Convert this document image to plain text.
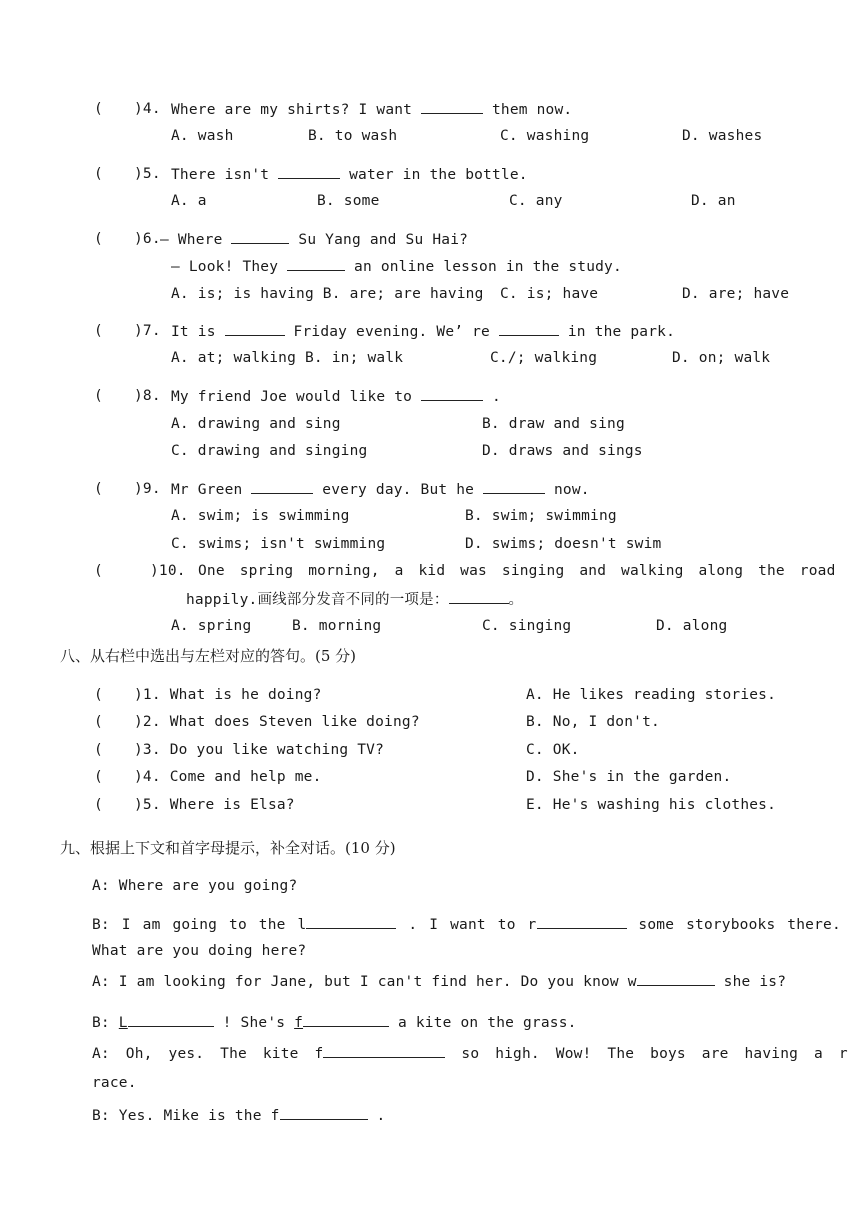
( )4. Where are my shirts? I want	them now.
A. wash	B. to wash	C. washing	D. washes
( )5. There isn't	water in the bottle.
A. a	B. some	C. any	D. an
( )6. — Where	Su Yang and Su Hai?
— Look! They	an online lesson in the study.
A. is; is having B. are; are having C. is; have	D. are; have
( )7. It is	Friday evening. We’ re	in the park.
A. at; walking B. in; walk	C./; walking	D. on; walk
( )8. My friend Joe would like to	.
A. drawing and sing	B. draw and sing
C. drawing and singing	D. draws and sings
( )9. Mr Green	every day. But he	now.
A. swim; is swimming	B. swim; swimming
C. swims; isn't swimming	D. swims; doesn't swim
(	)10. One spring morning, a kid was singing and walking along the road
happily.画线部分发音不同的一项是：	。
A. spring	B. morning	C. singing	D. along
八、从右栏中选出与左栏对应的答句。(5 分)
( )1. What is he doing?	A. He likes reading stories.
( )2. What does Steven like doing?	B. No, I don't.
( )3. Do you like watching TV?	C. OK.
( )4. Come and help me.	D. She's in the garden.
( )5. Where is Elsa?	E. He's washing his clothes.
九、根据上下文和首字母提示，补全对话。(10 分)
A: Where are you going?
B: I am going to the l	. I want to r	some storybooks there.
What are you doing here?
A: I am looking for Jane, but I can't find her. Do you know w	she is?
B: L	! She's f	a kite on the grass.
A: Oh, yes. The kite f	so high. Wow! The boys are having a r
race.
B: Yes. Mike is the f	.
